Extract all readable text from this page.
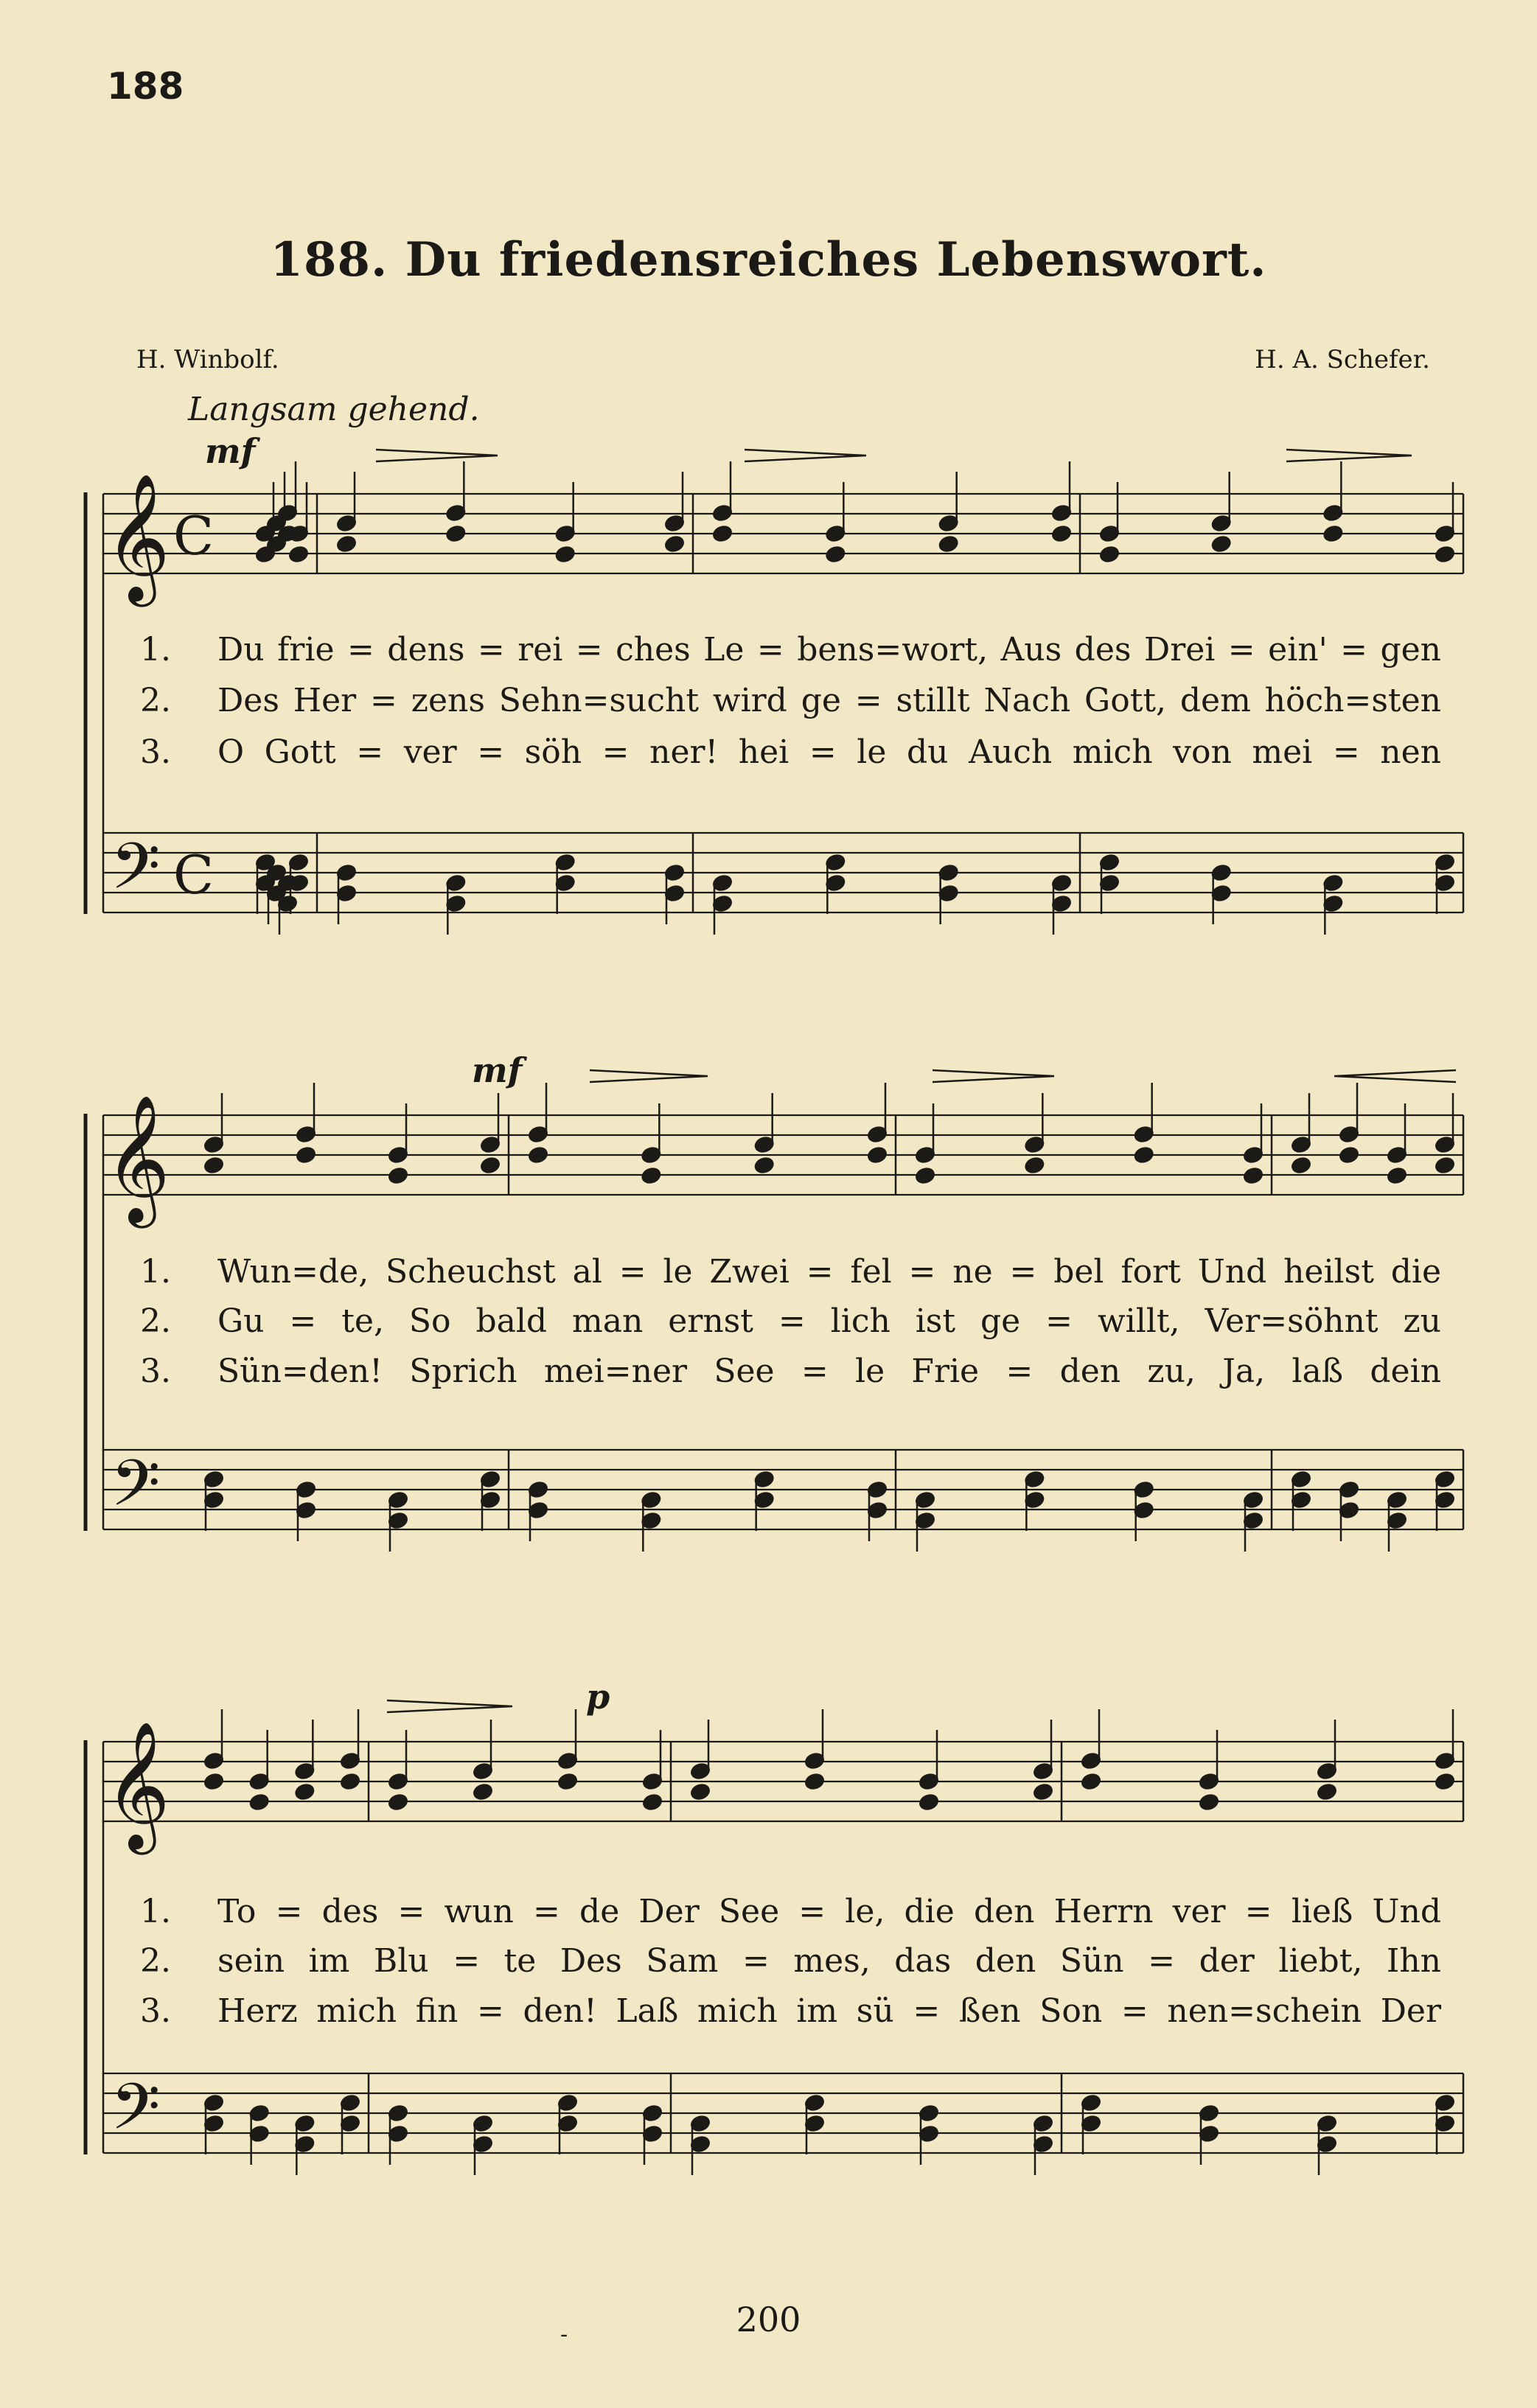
188
188. Du friedensreiches Lebenswort.
H. Winbolf.	H. A. Schefer.
Langsam gehend.
mf
mf
p
𝄞
𝄢
C
C
𝄞
𝄢
𝄞
𝄢
1. Du frie = dens = rei = ches Le = bens=wort, Aus des Drei = ein' = gen
2. Des Her = zens Sehn=sucht wird ge = stillt Nach Gott, dem höch=sten
3. O Gott = ver = söh = ner! hei = le du Auch mich von mei = nen
1. Wun=de, Scheuchst al = le Zwei = fel = ne = bel fort Und heilst die
2. Gu = te, So bald man ernst = lich ist ge = willt, Ver=söhnt zu
3. Sün=den! Sprich mei=ner See = le Frie = den zu, Ja, laß dein
1. To = des = wun = de Der See = le, die den Herrn ver = ließ Und
2. sein im Blu = te Des Sam = mes, das den Sün = der liebt, Ihn
3. Herz mich fin = den! Laß mich im sü = ßen Son = nen=schein Der
200
-
